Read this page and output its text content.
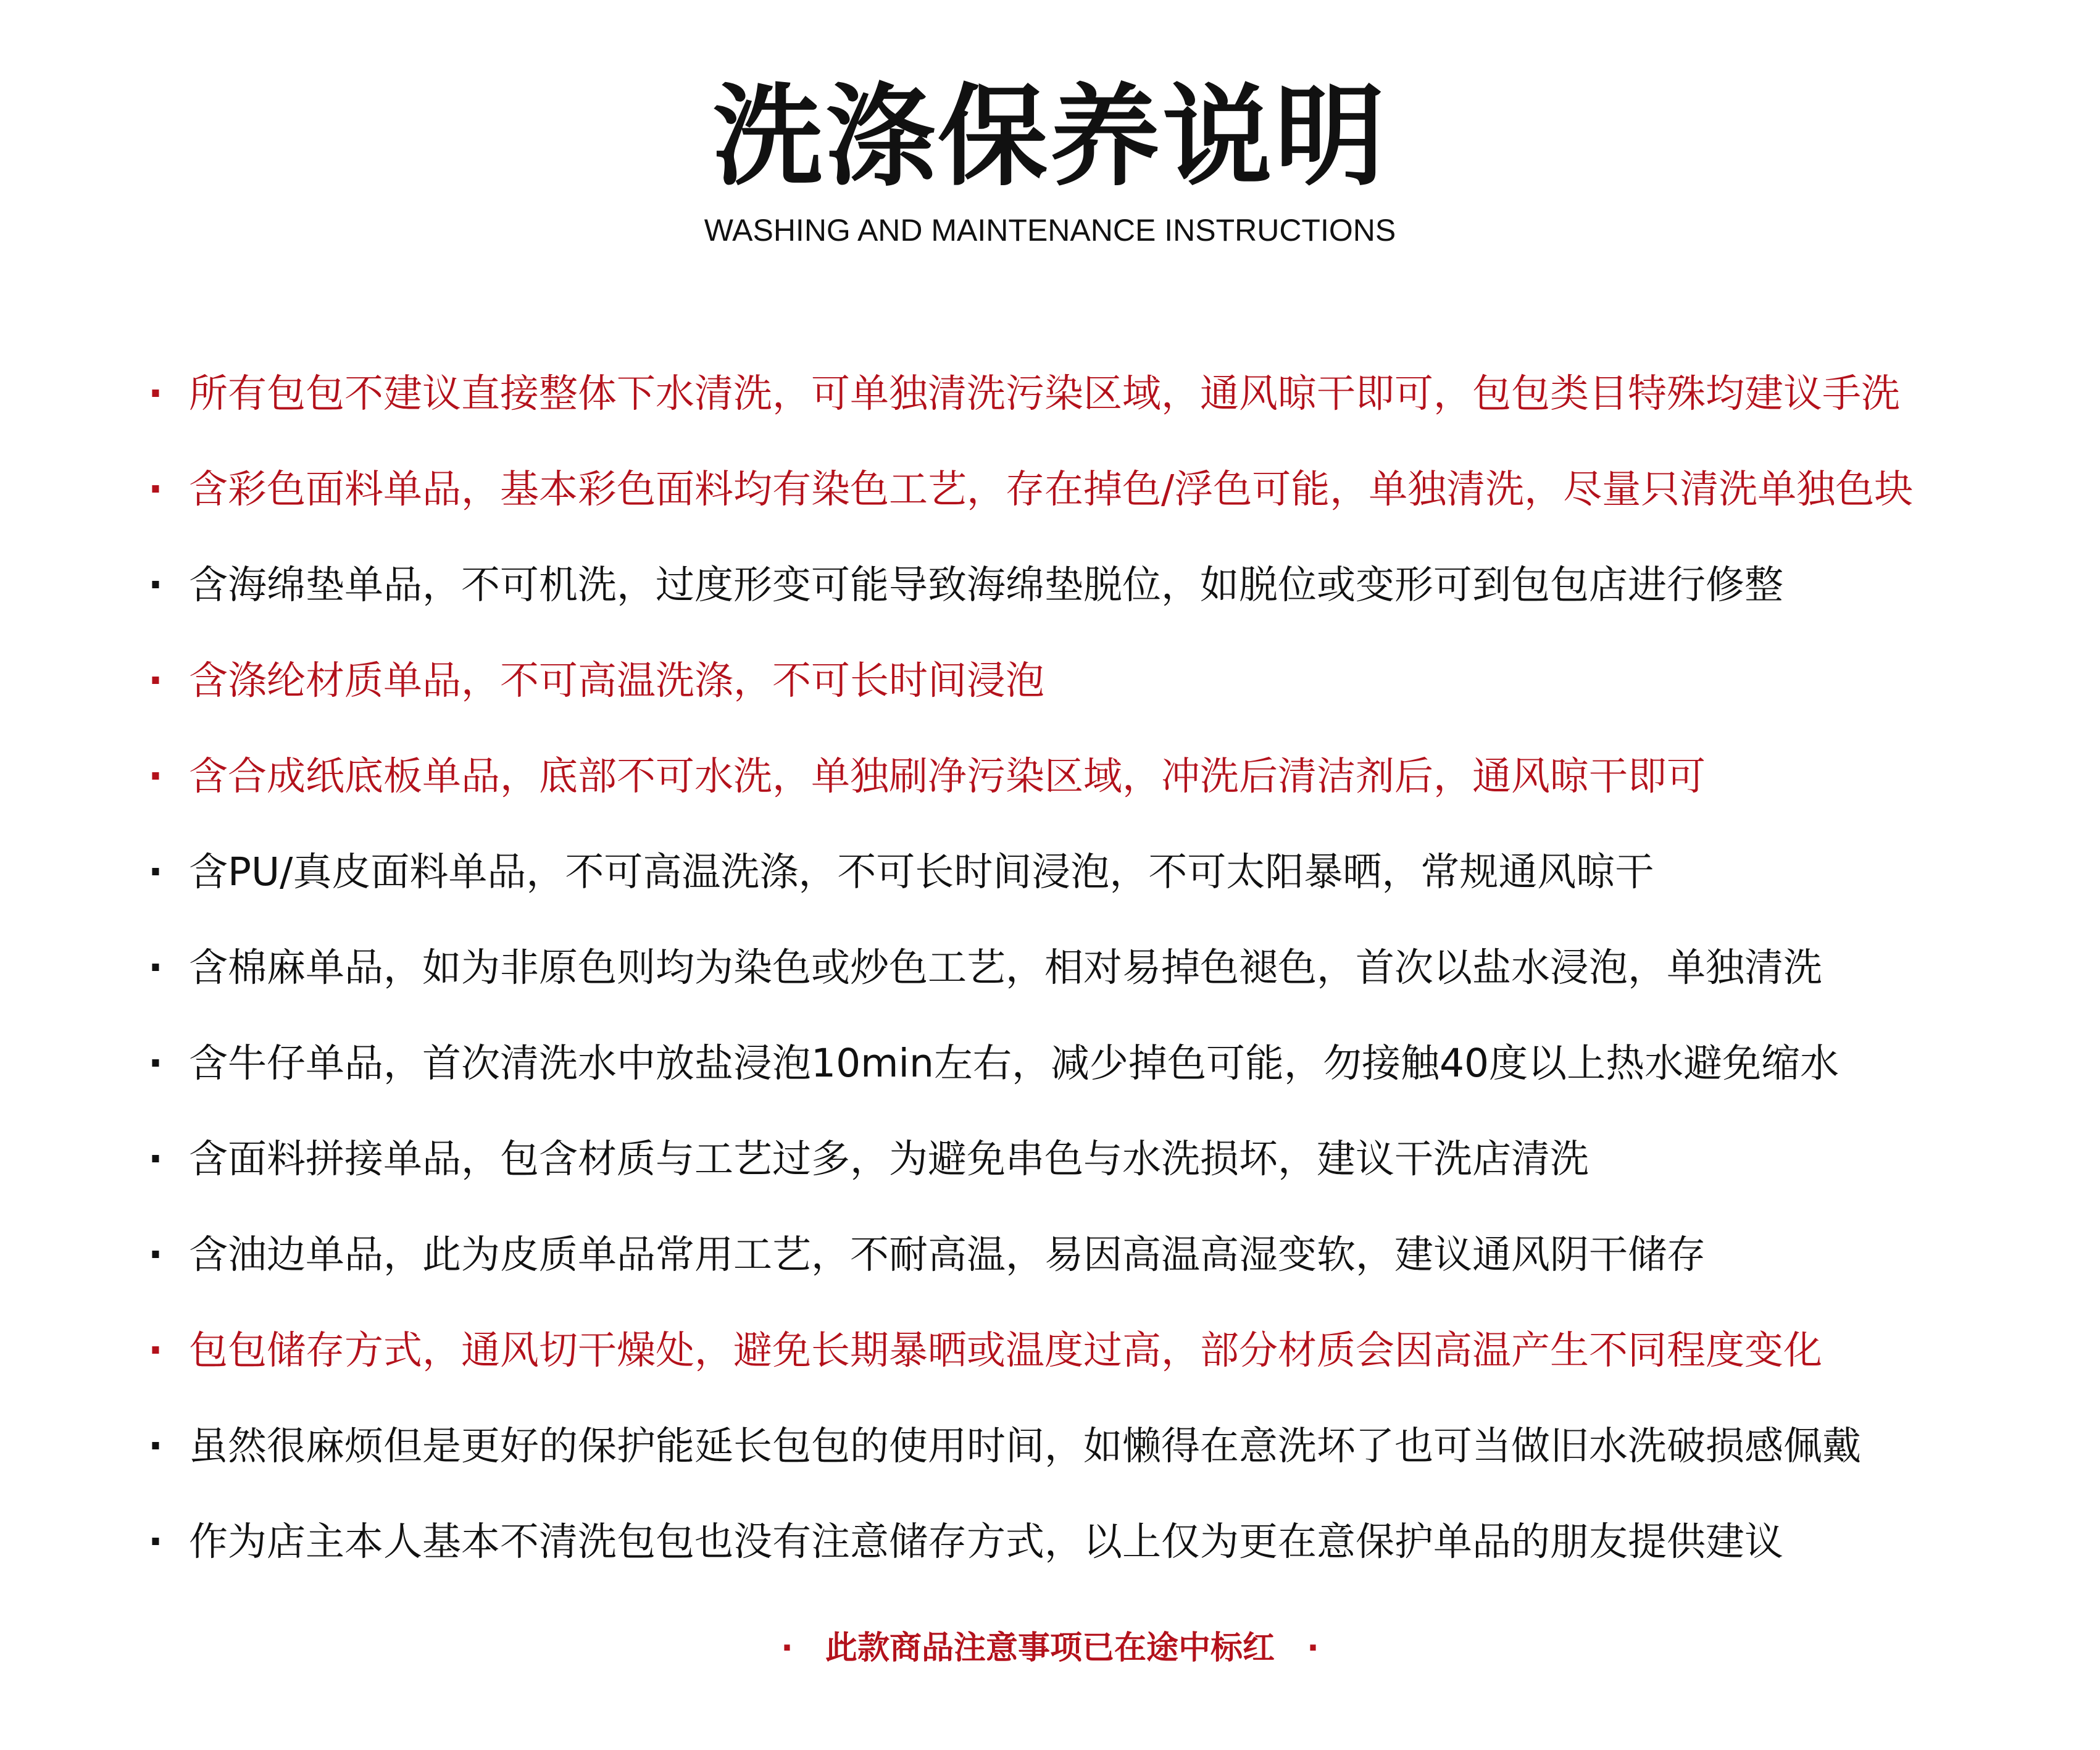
洗涤保养说明
WASHING AND MAINTENANCE INSTRUCTIONS
· 所有包包不建议直接整体下水清洗，可单独清洗污染区域，通风晾干即可，包包类目特殊均建议手洗
· 含彩色面料单品，基本彩色面料均有染色工艺，存在掉色/浮色可能，单独清洗，尽量只清洗单独色块
· 含海绵垫单品，不可机洗，过度形变可能导致海绵垫脱位，如脱位或变形可到包包店进行修整
· 含涤纶材质单品，不可高温洗涤，不可长时间浸泡
· 含合成纸底板单品，底部不可水洗，单独刷净污染区域，冲洗后清洁剂后，通风晾干即可
· 含PU/真皮面料单品，不可高温洗涤，不可长时间浸泡，不可太阳暴晒，常规通风晾干
· 含棉麻单品，如为非原色则均为染色或炒色工艺，相对易掉色褪色，首次以盐水浸泡，单独清洗
· 含牛仔单品，首次清洗水中放盐浸泡10min左右，减少掉色可能，勿接触40度以上热水避免缩水
· 含面料拼接单品，包含材质与工艺过多，为避免串色与水洗损坏，建议干洗店清洗
· 含油边单品，此为皮质单品常用工艺，不耐高温，易因高温高湿变软，建议通风阴干储存
· 包包储存方式，通风切干燥处，避免长期暴晒或温度过高，部分材质会因高温产生不同程度变化
· 虽然很麻烦但是更好的保护能延长包包的使用时间，如懒得在意洗坏了也可当做旧水洗破损感佩戴
· 作为店主本人基本不清洗包包也没有注意储存方式，以上仅为更在意保护单品的朋友提供建议
· 此款商品注意事项已在途中标红 ·
